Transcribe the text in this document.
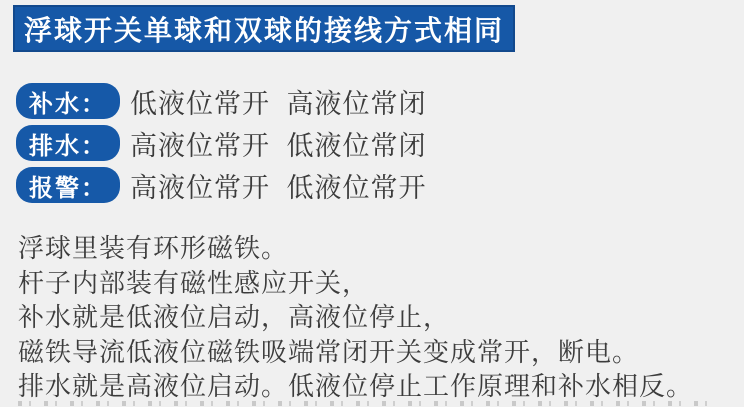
浮球开关单球和双球的接线方式相同
补水： 低液位常开 高液位常闭
排水： 高液位常开 低液位常闭
报警： 高液位常开 低液位常开
浮球里装有环形磁铁。
杆子内部装有磁性感应开关，
补水就是低液位启动，高液位停止，
磁铁导流低液位磁铁吸端常闭开关变成常开，断电。
排水就是高液位启动。低液位停止工作原理和补水相反。
